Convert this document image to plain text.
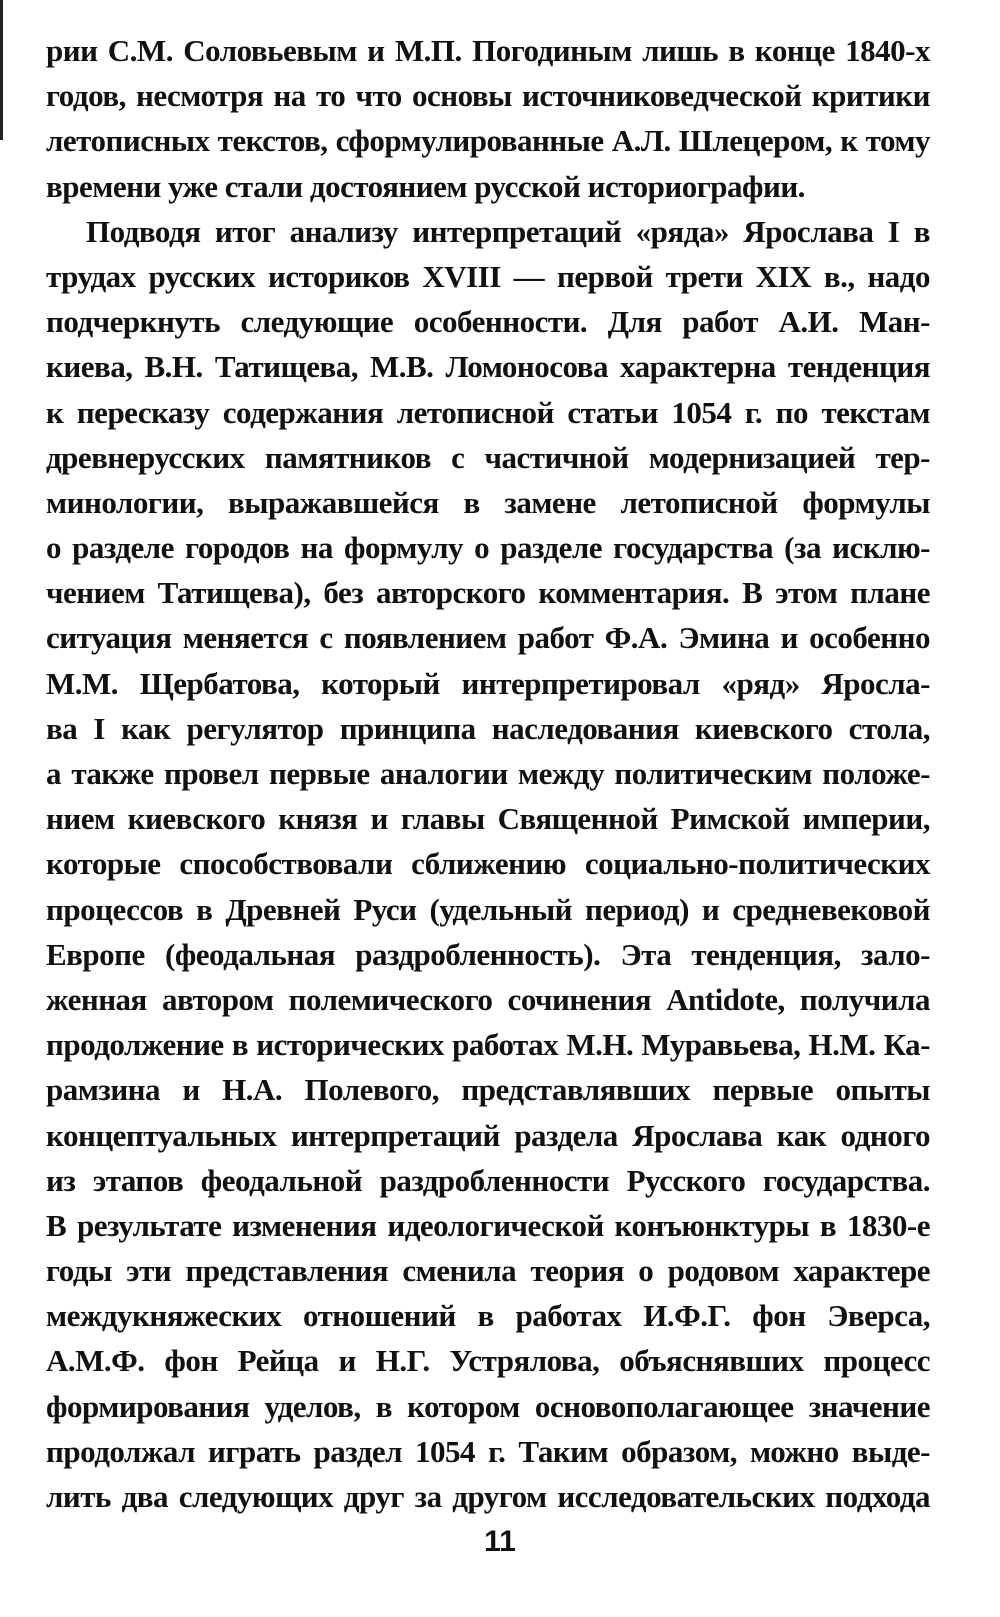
рии С.М. Соловьевым и М.П. Погодиным лишь в конце 1840-х
годов, несмотря на то что основы источниковедческой критики
летописных текстов, сформулированные А.Л. Шлецером, к тому
времени уже стали достоянием русской историографии.
Подводя итог анализу интерпретаций «ряда» Ярослава I в
трудах русских историков XVIII — первой трети XIX в., надо
подчеркнуть следующие особенности. Для работ А.И. Ман-
киева, В.Н. Татищева, М.В. Ломоносова характерна тенденция
к пересказу содержания летописной статьи 1054 г. по текстам
древнерусских памятников с частичной модернизацией тер-
минологии, выражавшейся в замене летописной формулы
о разделе городов на формулу о разделе государства (за исклю-
чением Татищева), без авторского комментария. В этом плане
ситуация меняется с появлением работ Ф.А. Эмина и особенно
М.М. Щербатова, который интерпретировал «ряд» Яросла-
ва I как регулятор принципа наследования киевского стола,
а также провел первые аналогии между политическим положе-
нием киевского князя и главы Священной Римской империи,
которые способствовали сближению социально-политических
процессов в Древней Руси (удельный период) и средневековой
Европе (феодальная раздробленность). Эта тенденция, зало-
женная автором полемического сочинения Antidote, получила
продолжение в исторических работах М.Н. Муравьева, Н.М. Ка-
рамзина и Н.А. Полевого, представлявших первые опыты
концептуальных интерпретаций раздела Ярослава как одного
из этапов феодальной раздробленности Русского государства.
В результате изменения идеологической конъюнктуры в 1830-е
годы эти представления сменила теория о родовом характере
междукняжеских отношений в работах И.Ф.Г. фон Эверса,
А.М.Ф. фон Рейца и Н.Г. Устрялова, объяснявших процесс
формирования уделов, в котором основополагающее значение
продолжал играть раздел 1054 г. Таким образом, можно выде-
лить два следующих друг за другом исследовательских подхода
11
